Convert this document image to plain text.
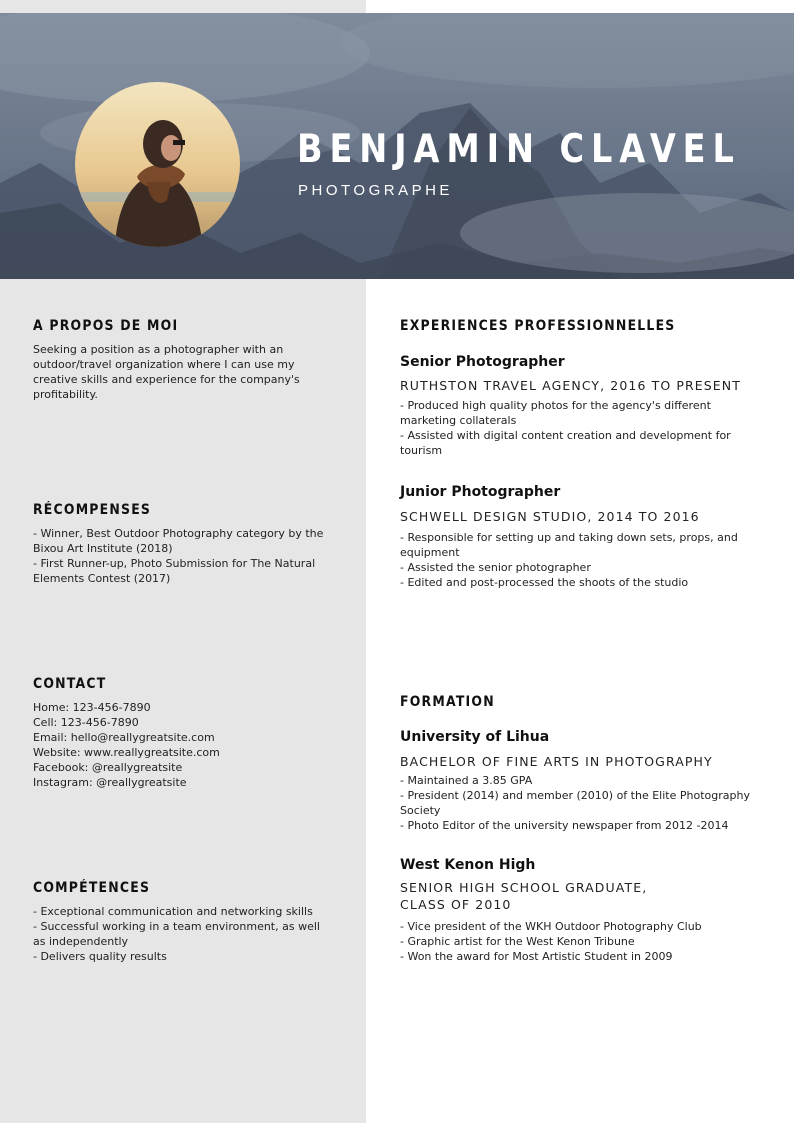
BENJAMIN CLAVEL
PHOTOGRAPHE
A PROPOS DE MOI

Seeking a position as a photographer with an outdoor/travel organization where I can use my creative skills and experience for the company's profitability.

RÉCOMPENSES

- Winner, Best Outdoor Photography category by the Bixou Art Institute (2018)

- First Runner-up, Photo Submission for The Natural Elements Contest (2017)

CONTACT

Home: 123-456-7890

Cell: 123-456-7890

Email: hello@reallygreatsite.com

Website: www.reallygreatsite.com

Facebook: @reallygreatsite

Instagram: @reallygreatsite

COMPÉTENCES

- Exceptional communication and networking skills

- Successful working in a team environment, as well as independently

- Delivers quality results

EXPERIENCES PROFESSIONNELLES

Senior Photographer

RUTHSTON TRAVEL AGENCY, 2016 TO PRESENT

- Produced high quality photos for the agency's different marketing collaterals

- Assisted with digital content creation and development for tourism

Junior Photographer

SCHWELL DESIGN STUDIO, 2014 TO 2016

- Responsible for setting up and taking down sets, props, and equipment

- Assisted the senior photographer

- Edited and post-processed the shoots of the studio

FORMATION

University of Lihua

BACHELOR OF FINE ARTS IN PHOTOGRAPHY

- Maintained a 3.85 GPA

- President (2014) and member (2010) of the Elite Photography Society

- Photo Editor of the university newspaper from 2012 -2014

West Kenon High

SENIOR HIGH SCHOOL GRADUATE,

CLASS OF 2010

- Vice president of the WKH Outdoor Photography Club

- Graphic artist for the West Kenon Tribune

- Won the award for Most Artistic Student in 2009
